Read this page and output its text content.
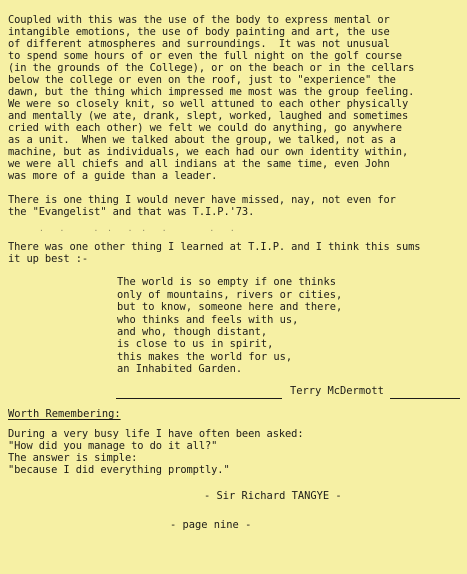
Coupled with this was the use of the body to express mental or
intangible emotions, the use of body painting and art, the use
of different atmospheres and surroundings.  It was not unusual
to spend some hours of or even the full night on the golf course
(in the grounds of the College), or on the beach or in the cellars
below the college or even on the roof, just to "experience" the
dawn, but the thing which impressed me most was the group feeling.
We were so closely knit, so well attuned to each other physically
and mentally (we ate, drank, slept, worked, laughed and sometimes
cried with each other) we felt we could do anything, go anywhere
as a unit.  When we talked about the group, we talked, not as a
machine, but as individuals, we each had our own identity within,
we were all chiefs and all indians at the same time, even John
was more of a guide than a leader.
There is one thing I would never have missed, nay, not even for
the "Evangelist" and that was T.I.P.'73.
·  ·    · ·  · ·  ·      ·  ·
There was one other thing I learned at T.I.P. and I think this sums
it up best :-
The world is so empty if one thinks
only of mountains, rivers or cities,
but to know, someone here and there,
who thinks and feels with us,
and who, though distant,
is close to us in spirit,
this makes the world for us,
an Inhabited Garden.
Terry McDermott
Worth Remembering:
During a very busy life I have often been asked:
"How did you manage to do it all?"
The answer is simple:
"because I did everything promptly."
- Sir Richard TANGYE -
- page nine -
